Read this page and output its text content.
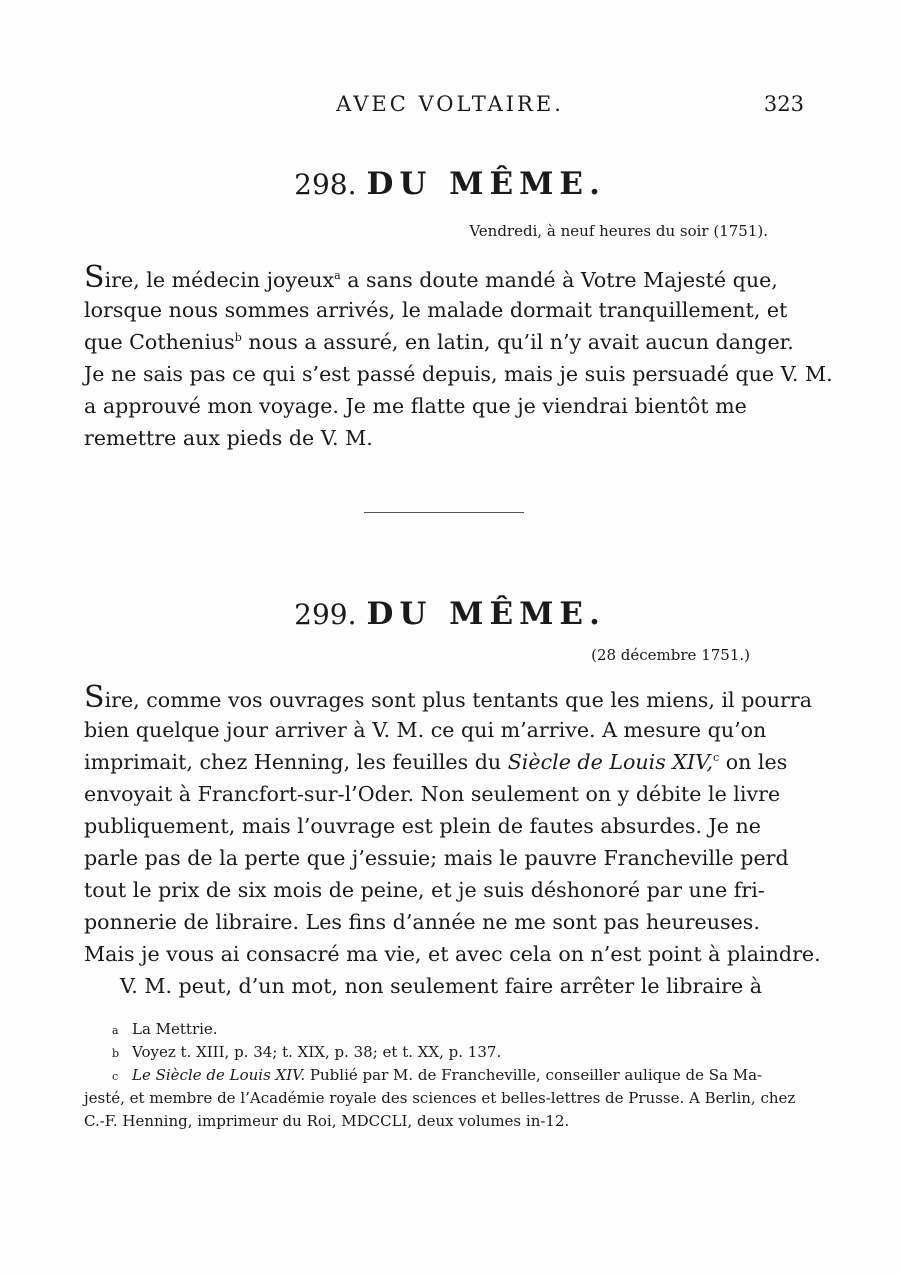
AVEC VOLTAIRE.	323
298. DU MÊME.
Vendredi, à neuf heures du soir (1751).
Sire, le médecin joyeux$^a$ a sans doute mandé à Votre Majesté que,
lorsque nous sommes arrivés, le malade dormait tranquillement, et
que Cothenius$^b$ nous a assuré, en latin, qu’il n’y avait aucun danger.
Je ne sais pas ce qui s’est passé depuis, mais je suis persuadé que V. M.
a approuvé mon voyage. Je me flatte que je viendrai bientôt me
remettre aux pieds de V. M.
299. DU MÊME.
(28 décembre 1751.)
Sire, comme vos ouvrages sont plus tentants que les miens, il pourra
bien quelque jour arriver à V. M. ce qui m’arrive. A mesure qu’on
imprimait, chez Henning, les feuilles du Siècle de Louis XIV,$^c$ on les
envoyait à Francfort-sur-l’Oder. Non seulement on y débite le livre
publiquement, mais l’ouvrage est plein de fautes absurdes. Je ne
parle pas de la perte que j’essuie; mais le pauvre Francheville perd
tout le prix de six mois de peine, et je suis déshonoré par une fri-
ponnerie de libraire. Les fins d’année ne me sont pas heureuses.
Mais je vous ai consacré ma vie, et avec cela on n’est point à plaindre.
V. M. peut, d’un mot, non seulement faire arrêter le libraire à
a La Mettrie.
b Voyez t. XIII, p. 34; t. XIX, p. 38; et t. XX, p. 137.
c Le Siècle de Louis XIV. Publié par M. de Francheville, conseiller aulique de Sa Ma-
jesté, et membre de l’Académie royale des sciences et belles-lettres de Prusse. A Berlin, chez
C.-F. Henning, imprimeur du Roi, MDCCLI, deux volumes in-12.
